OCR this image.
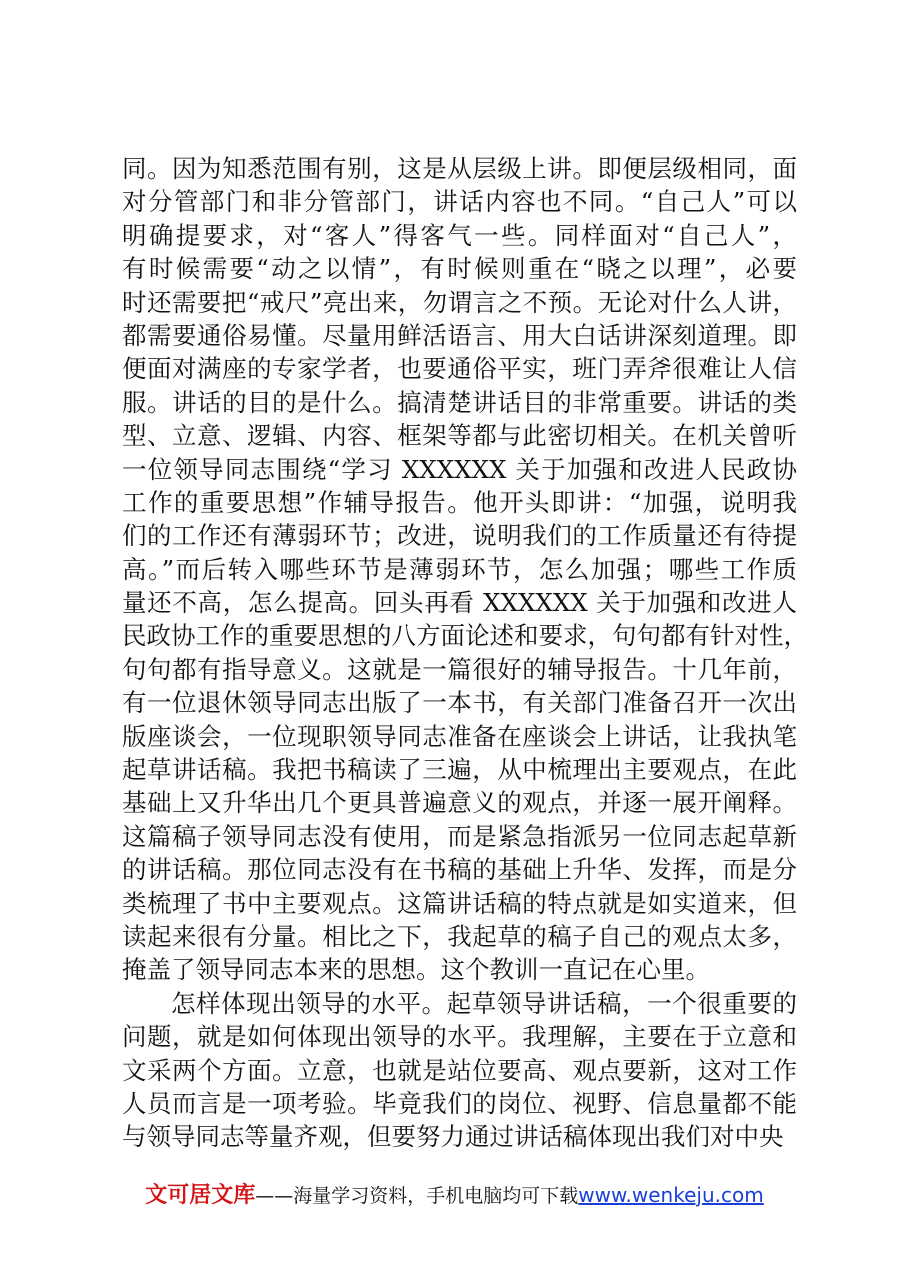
同。因为知悉范围有别，这是从层级上讲。即便层级相同，面
对分管部门和非分管部门，讲话内容也不同。“自己人”可以
明确提要求，对“客人”得客气一些。同样面对“自己人”，
有时候需要“动之以情”，有时候则重在“晓之以理”，必要
时还需要把“戒尺”亮出来，勿谓言之不预。无论对什么人讲，
都需要通俗易懂。尽量用鲜活语言、用大白话讲深刻道理。即
便面对满座的专家学者，也要通俗平实，班门弄斧很难让人信
服。讲话的目的是什么。搞清楚讲话目的非常重要。讲话的类
型、立意、逻辑、内容、框架等都与此密切相关。在机关曾听
一位领导同志围绕“学习 XXXXXX 关于加强和改进人民政协
工作的重要思想”作辅导报告。他开头即讲：“加强，说明我
们的工作还有薄弱环节；改进，说明我们的工作质量还有待提
高。”而后转入哪些环节是薄弱环节，怎么加强；哪些工作质
量还不高，怎么提高。回头再看 XXXXXX 关于加强和改进人
民政协工作的重要思想的八方面论述和要求，句句都有针对性，
句句都有指导意义。这就是一篇很好的辅导报告。十几年前，
有一位退休领导同志出版了一本书，有关部门准备召开一次出
版座谈会，一位现职领导同志准备在座谈会上讲话，让我执笔
起草讲话稿。我把书稿读了三遍，从中梳理出主要观点，在此
基础上又升华出几个更具普遍意义的观点，并逐一展开阐释。
这篇稿子领导同志没有使用，而是紧急指派另一位同志起草新
的讲话稿。那位同志没有在书稿的基础上升华、发挥，而是分
类梳理了书中主要观点。这篇讲话稿的特点就是如实道来，但
读起来很有分量。相比之下，我起草的稿子自己的观点太多，
掩盖了领导同志本来的思想。这个教训一直记在心里。
怎样体现出领导的水平。起草领导讲话稿，一个很重要的
问题，就是如何体现出领导的水平。我理解，主要在于立意和
文采两个方面。立意，也就是站位要高、观点要新，这对工作
人员而言是一项考验。毕竟我们的岗位、视野、信息量都不能
与领导同志等量齐观，但要努力通过讲话稿体现出我们对中央
文可居文库——海量学习资料，手机电脑均可下载www.wenkeju.com
